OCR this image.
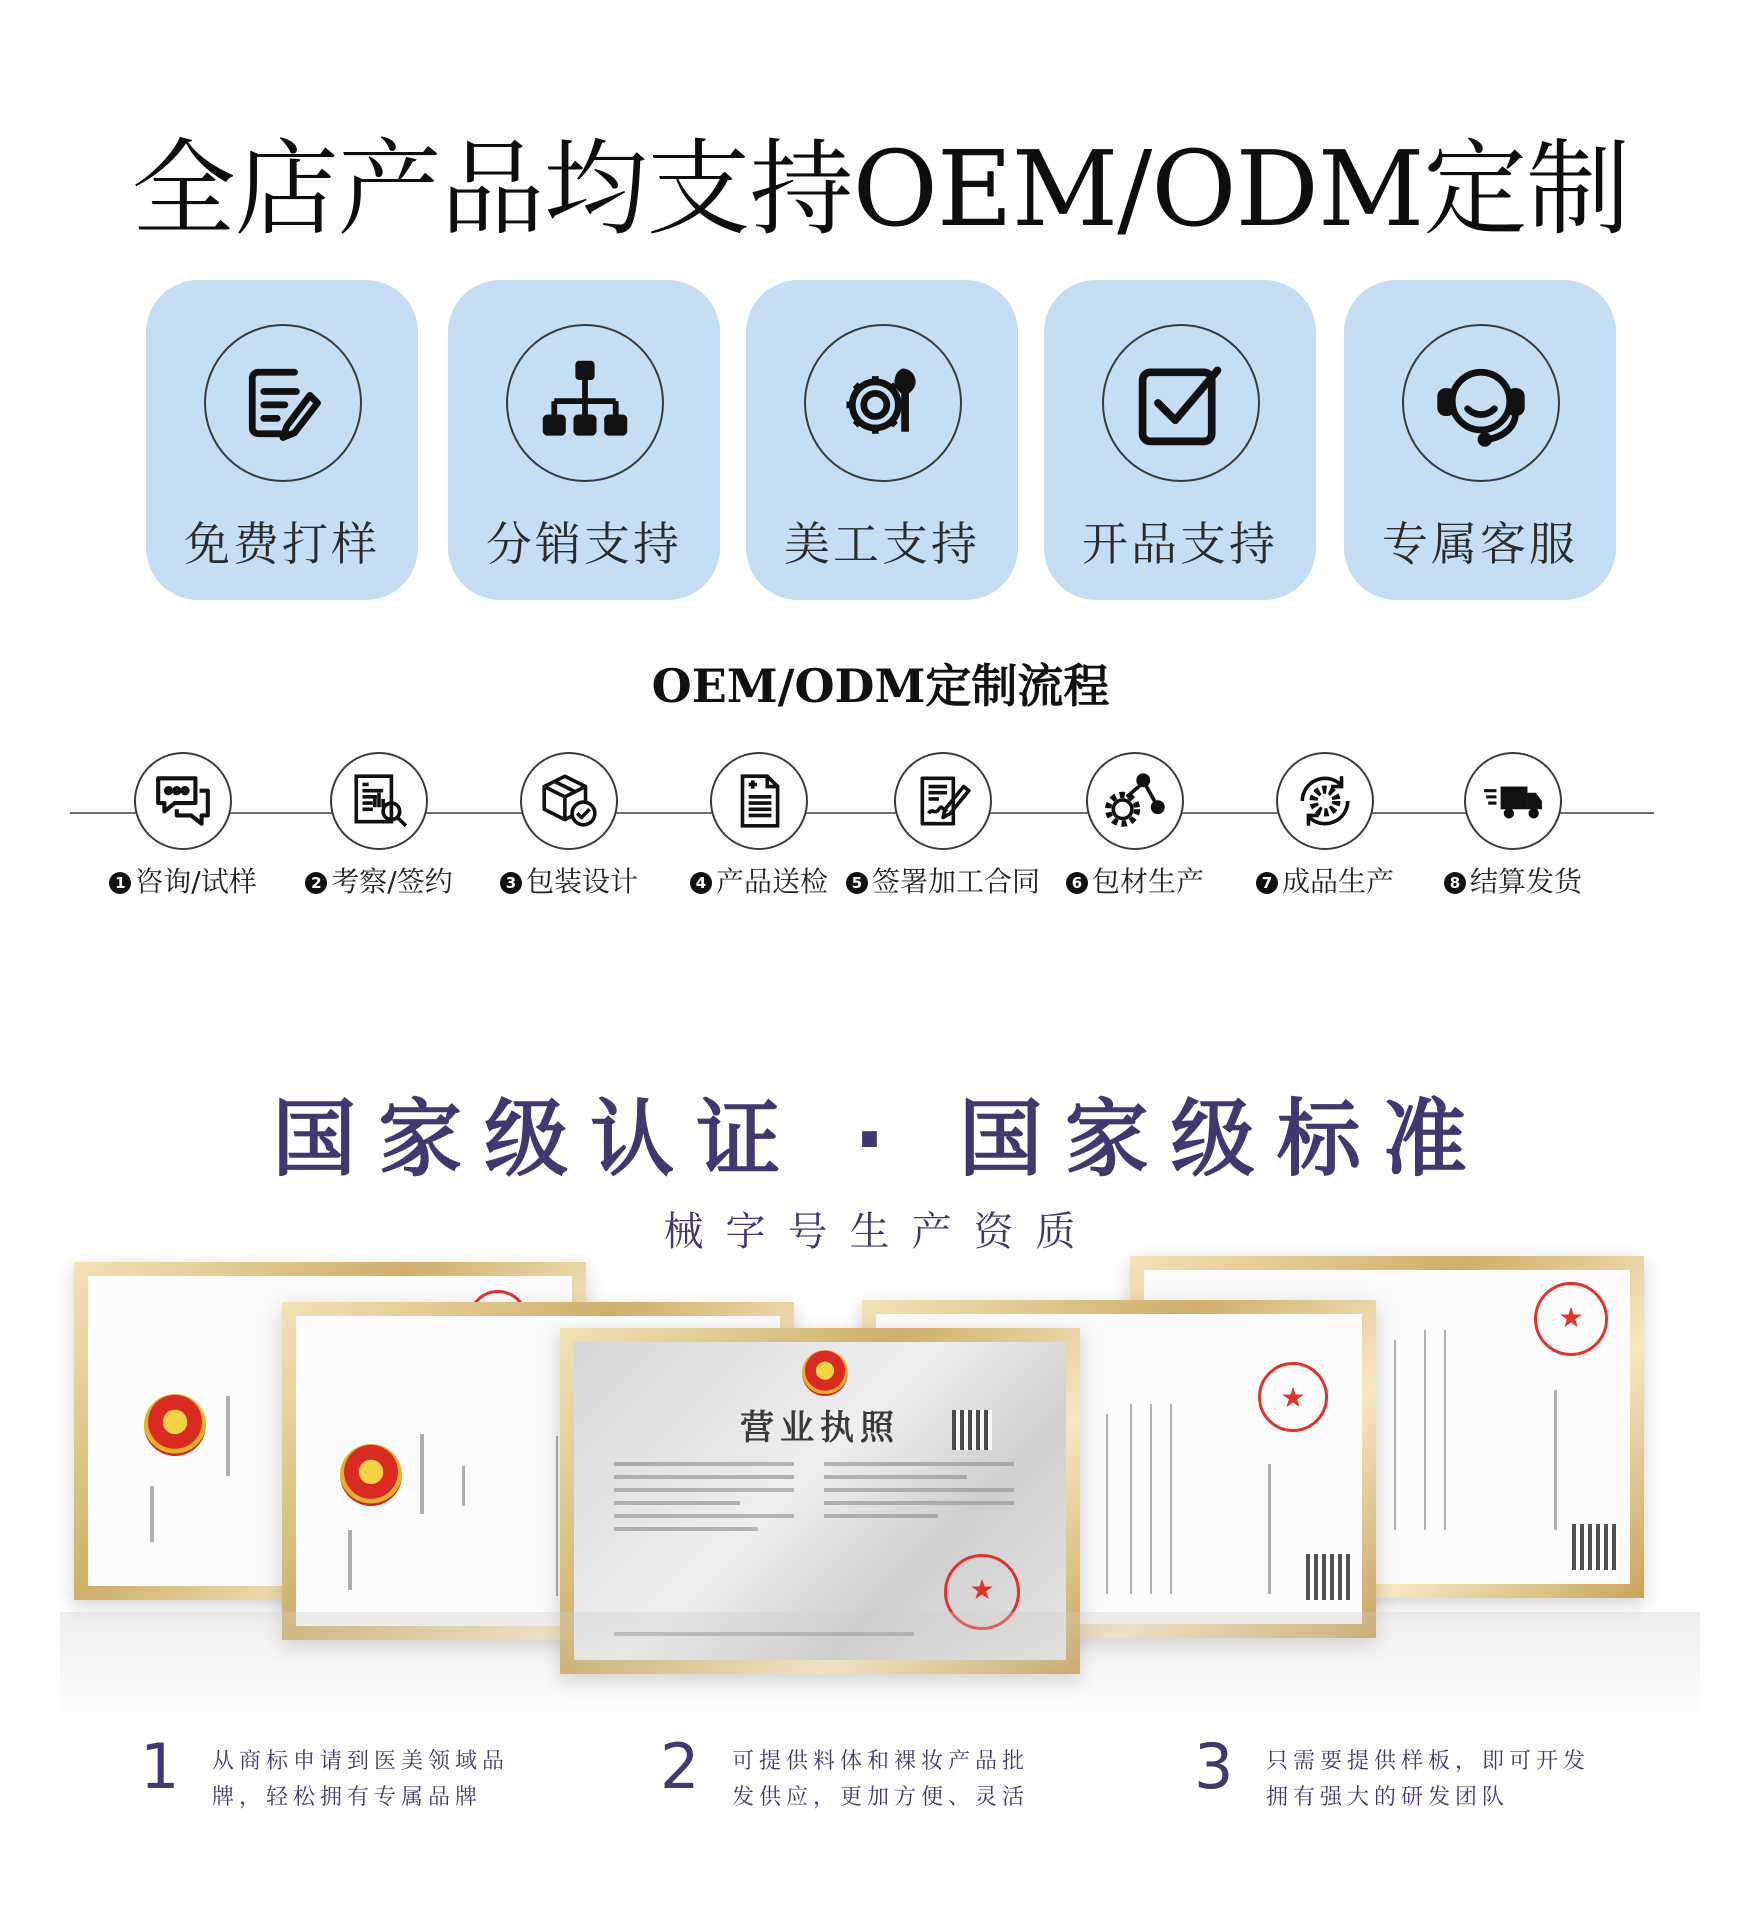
全店产品均支持OEM/ODM定制
免费打样	分销支持	美工支持	开品支持	专属客服
OEM/ODM定制流程
1 咨询/试样	2 考察/签约	3 包装设计	4 产品送检	5 签署加工合同	6 包材生产	7 成品生产	8 结算发货
国家级认证 · 国家级标准
械字号生产资质
★
★
★
营业执照
★
1 从商标申请到医美领域品
牌，轻松拥有专属品牌	2 可提供料体和裸妆产品批
发供应，更加方便、灵活	3 只需要提供样板，即可开发
拥有强大的研发团队
